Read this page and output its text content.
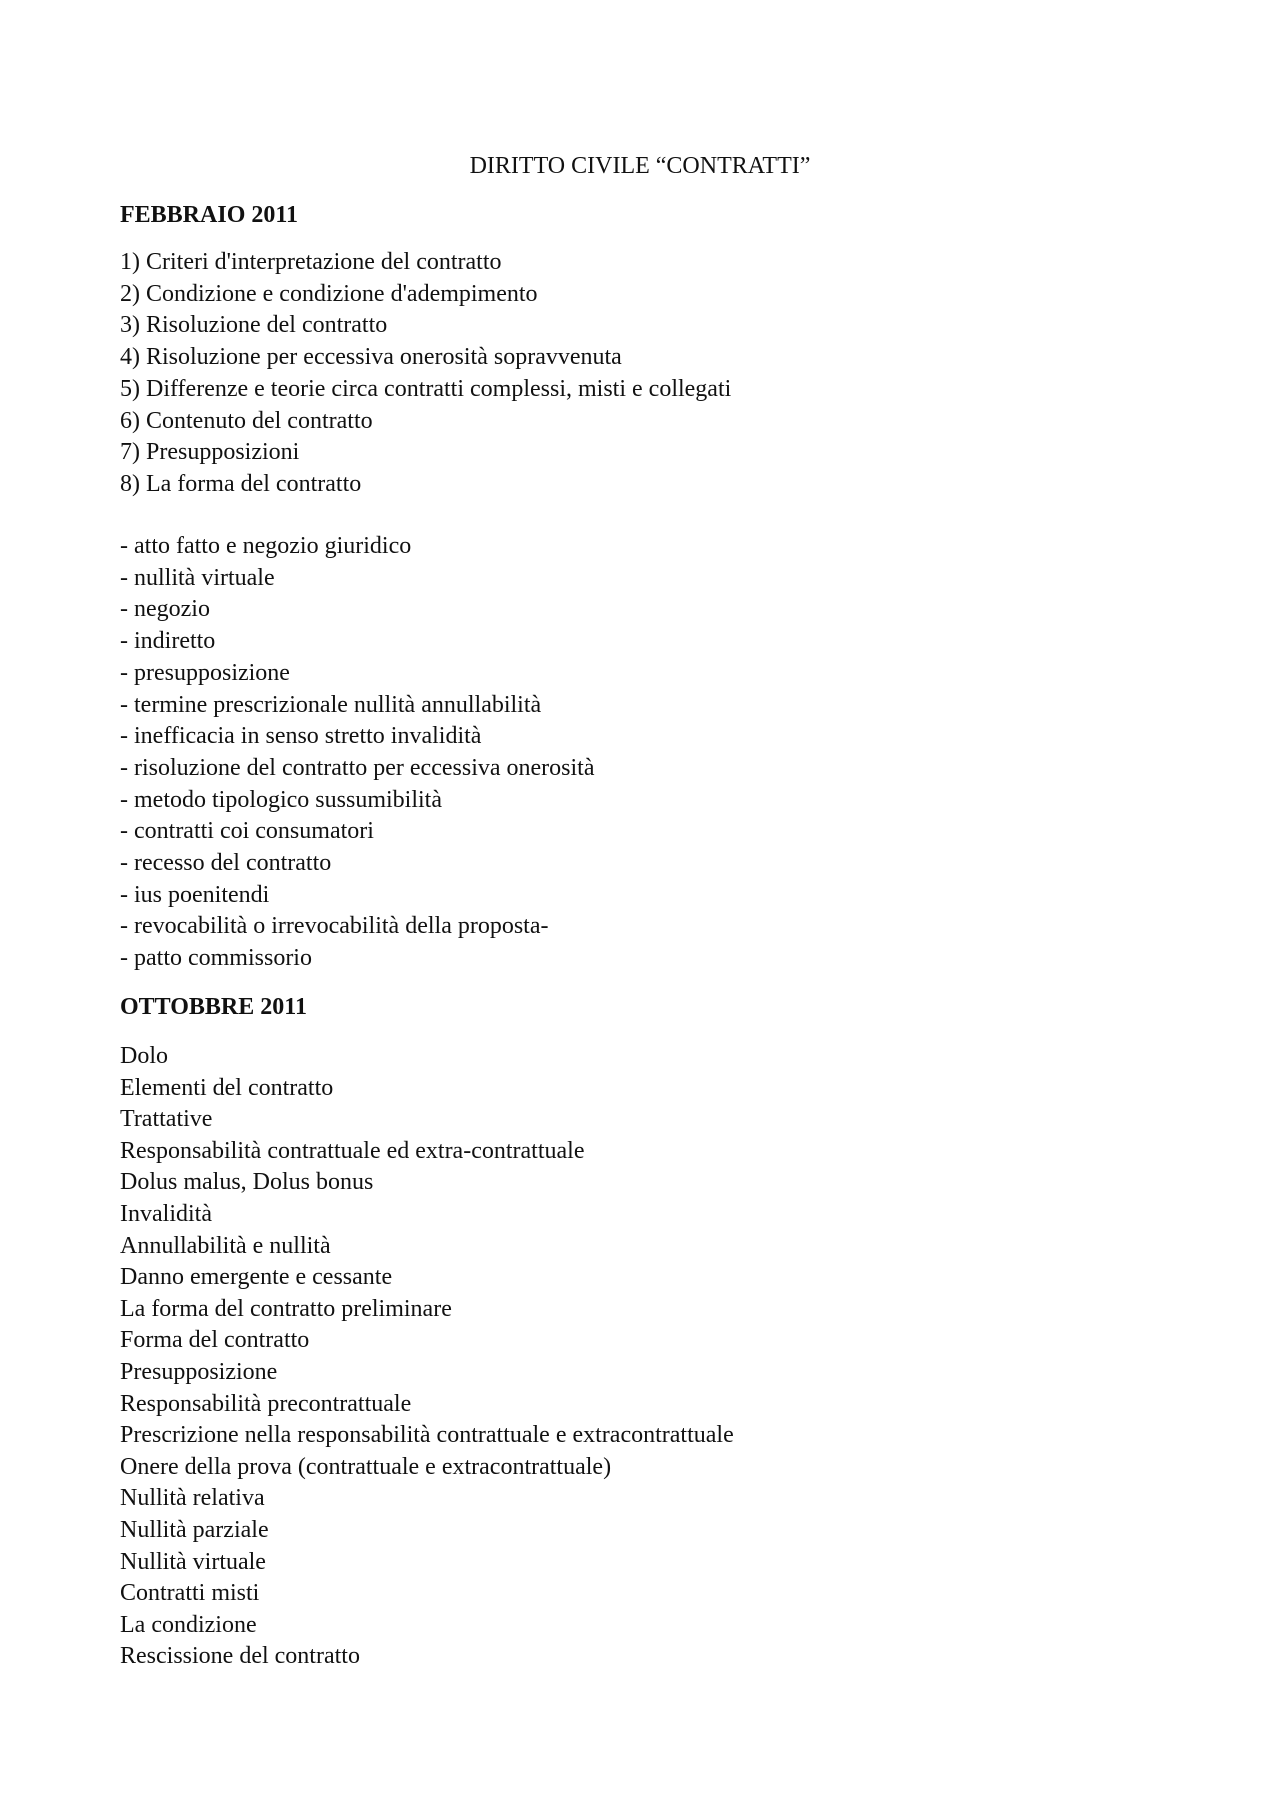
DIRITTO CIVILE “CONTRATTI”
FEBBRAIO 2011
1) Criteri d'interpretazione del contratto
2) Condizione e condizione d'adempimento
3) Risoluzione del contratto
4) Risoluzione per eccessiva onerosità sopravvenuta
5) Differenze e teorie circa contratti complessi, misti e collegati
6) Contenuto del contratto
7) Presupposizioni
8) La forma del contratto
- atto fatto e negozio giuridico
- nullità virtuale
- negozio
- indiretto
- presupposizione
- termine prescrizionale nullità annullabilità
- inefficacia in senso stretto invalidità
- risoluzione del contratto per eccessiva onerosità
- metodo tipologico sussumibilità
- contratti coi consumatori
- recesso del contratto
- ius poenitendi
- revocabilità o irrevocabilità della proposta-
- patto commissorio
OTTOBBRE 2011
Dolo
Elementi del contratto
Trattative
Responsabilità contrattuale ed extra-contrattuale
Dolus malus, Dolus bonus
Invalidità
Annullabilità e nullità
Danno emergente e cessante
La forma del contratto preliminare
Forma del contratto
Presupposizione
Responsabilità precontrattuale
Prescrizione nella responsabilità contrattuale e extracontrattuale
Onere della prova (contrattuale e extracontrattuale)
Nullità relativa
Nullità parziale
Nullità virtuale
Contratti misti
La condizione
Rescissione del contratto
